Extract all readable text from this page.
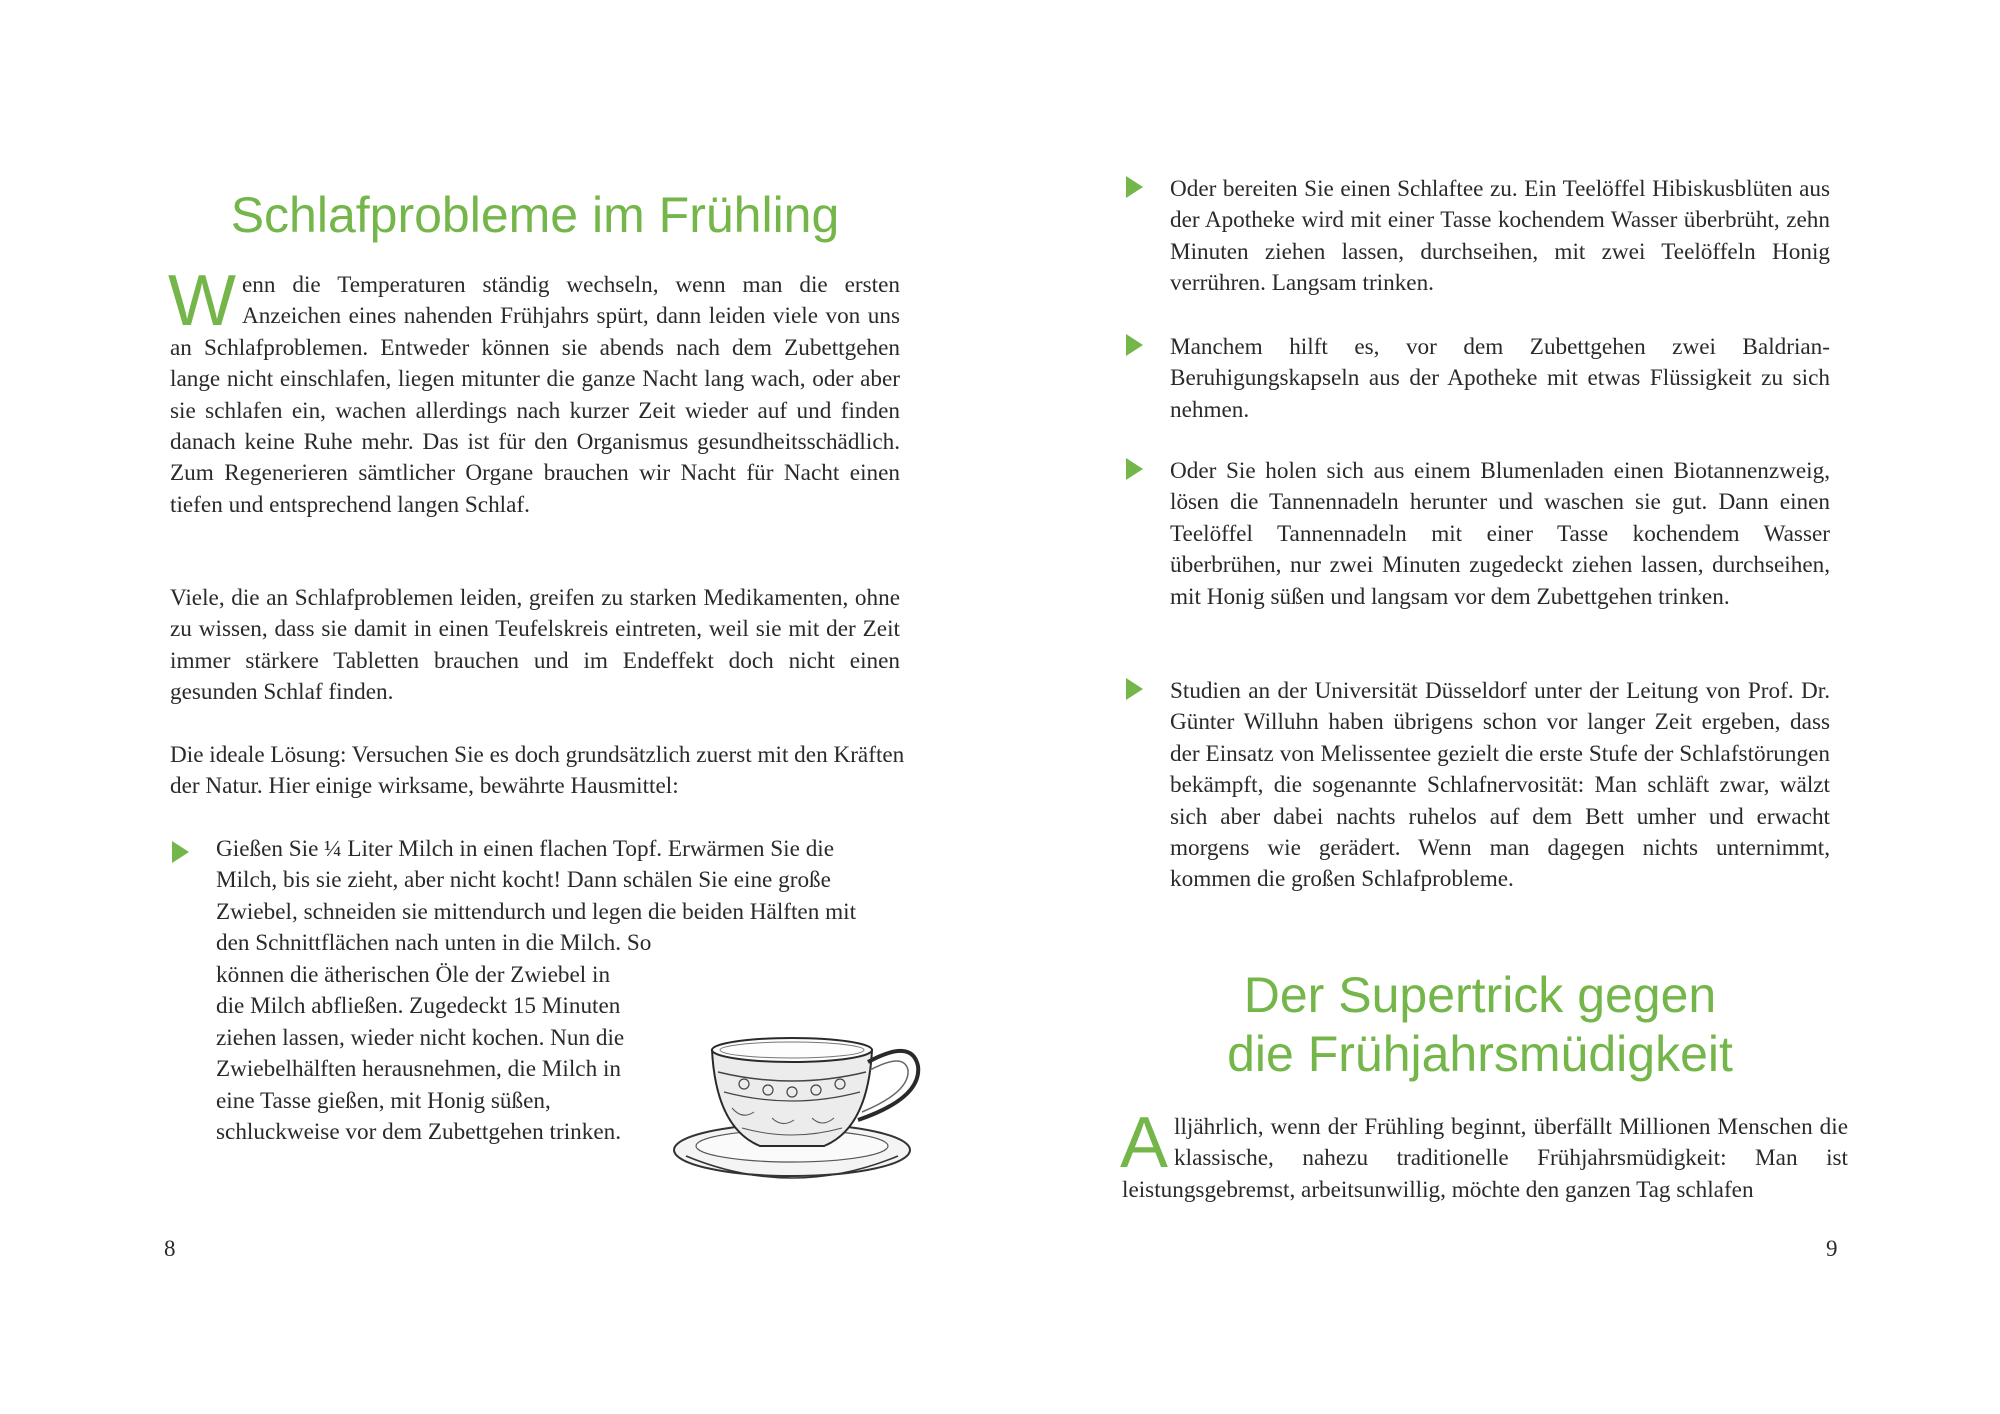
Schlafprobleme im Frühling

Wenn die Temperaturen ständig wechseln, wenn man die ersten Anzeichen eines nahenden Frühjahrs spürt, dann leiden viele von uns an Schlafproblemen. Entweder können sie abends nach dem Zubettgehen lange nicht einschlafen, liegen mitunter die ganze Nacht lang wach, oder aber sie schlafen ein, wachen allerdings nach kurzer Zeit wieder auf und finden danach keine Ruhe mehr. Das ist für den Organismus gesundheitsschädlich. Zum Regenerieren sämtlicher Organe brauchen wir Nacht für Nacht einen tiefen und entsprechend langen Schlaf.

Viele, die an Schlafproblemen leiden, greifen zu starken Medikamenten, ohne zu wissen, dass sie damit in einen Teufelskreis eintreten, weil sie mit der Zeit immer stärkere Tabletten brauchen und im Endeffekt doch nicht einen gesunden Schlaf finden.

Die ideale Lösung: Versuchen Sie es doch grundsätzlich zuerst mit den Kräften der Natur. Hier einige wirksame, bewährte Hausmittel:

Gießen Sie ¼ Liter Milch in einen flachen Topf. Erwärmen Sie die Milch, bis sie zieht, aber nicht kocht! Dann schälen Sie eine große Zwiebel, schneiden sie mittendurch und legen die beiden Hälften mit den Schnittflächen nach unten in die Milch. So

können die ätherischen Öle der Zwiebel in die Milch abfließen. Zugedeckt 15 Minuten ziehen lassen, wieder nicht kochen. Nun die Zwiebelhälften herausnehmen, die Milch in eine Tasse gießen, mit Honig süßen, schluckweise vor dem Zubettgehen trinken.

8

Oder bereiten Sie einen Schlaftee zu. Ein Teelöffel Hibiskusblüten aus der Apotheke wird mit einer Tasse kochendem Wasser überbrüht, zehn Minuten ziehen lassen, durchseihen, mit zwei Teelöffeln Honig verrühren. Langsam trinken.

Manchem hilft es, vor dem Zubettgehen zwei Baldrian-Beruhigungskapseln aus der Apotheke mit etwas Flüssigkeit zu sich nehmen.

Oder Sie holen sich aus einem Blumenladen einen Biotannenzweig, lösen die Tannennadeln herunter und waschen sie gut. Dann einen Teelöffel Tannennadeln mit einer Tasse kochendem Wasser überbrühen, nur zwei Minuten zugedeckt ziehen lassen, durchseihen, mit Honig süßen und langsam vor dem Zubettgehen trinken.

Studien an der Universität Düsseldorf unter der Leitung von Prof. Dr. Günter Willuhn haben übrigens schon vor langer Zeit ergeben, dass der Einsatz von Melissentee gezielt die erste Stufe der Schlafstörungen bekämpft, die sogenannte Schlafnervosität: Man schläft zwar, wälzt sich aber dabei nachts ruhelos auf dem Bett umher und erwacht morgens wie gerädert. Wenn man dagegen nichts unternimmt, kommen die großen Schlafprobleme.

Der Supertrick gegen
die Frühjahrsmüdigkeit

Alljährlich, wenn der Frühling beginnt, überfällt Millionen Menschen die klassische, nahezu traditionelle Frühjahrsmüdigkeit: Man ist leistungsgebremst, arbeitsunwillig, möchte den ganzen Tag schlafen

9
